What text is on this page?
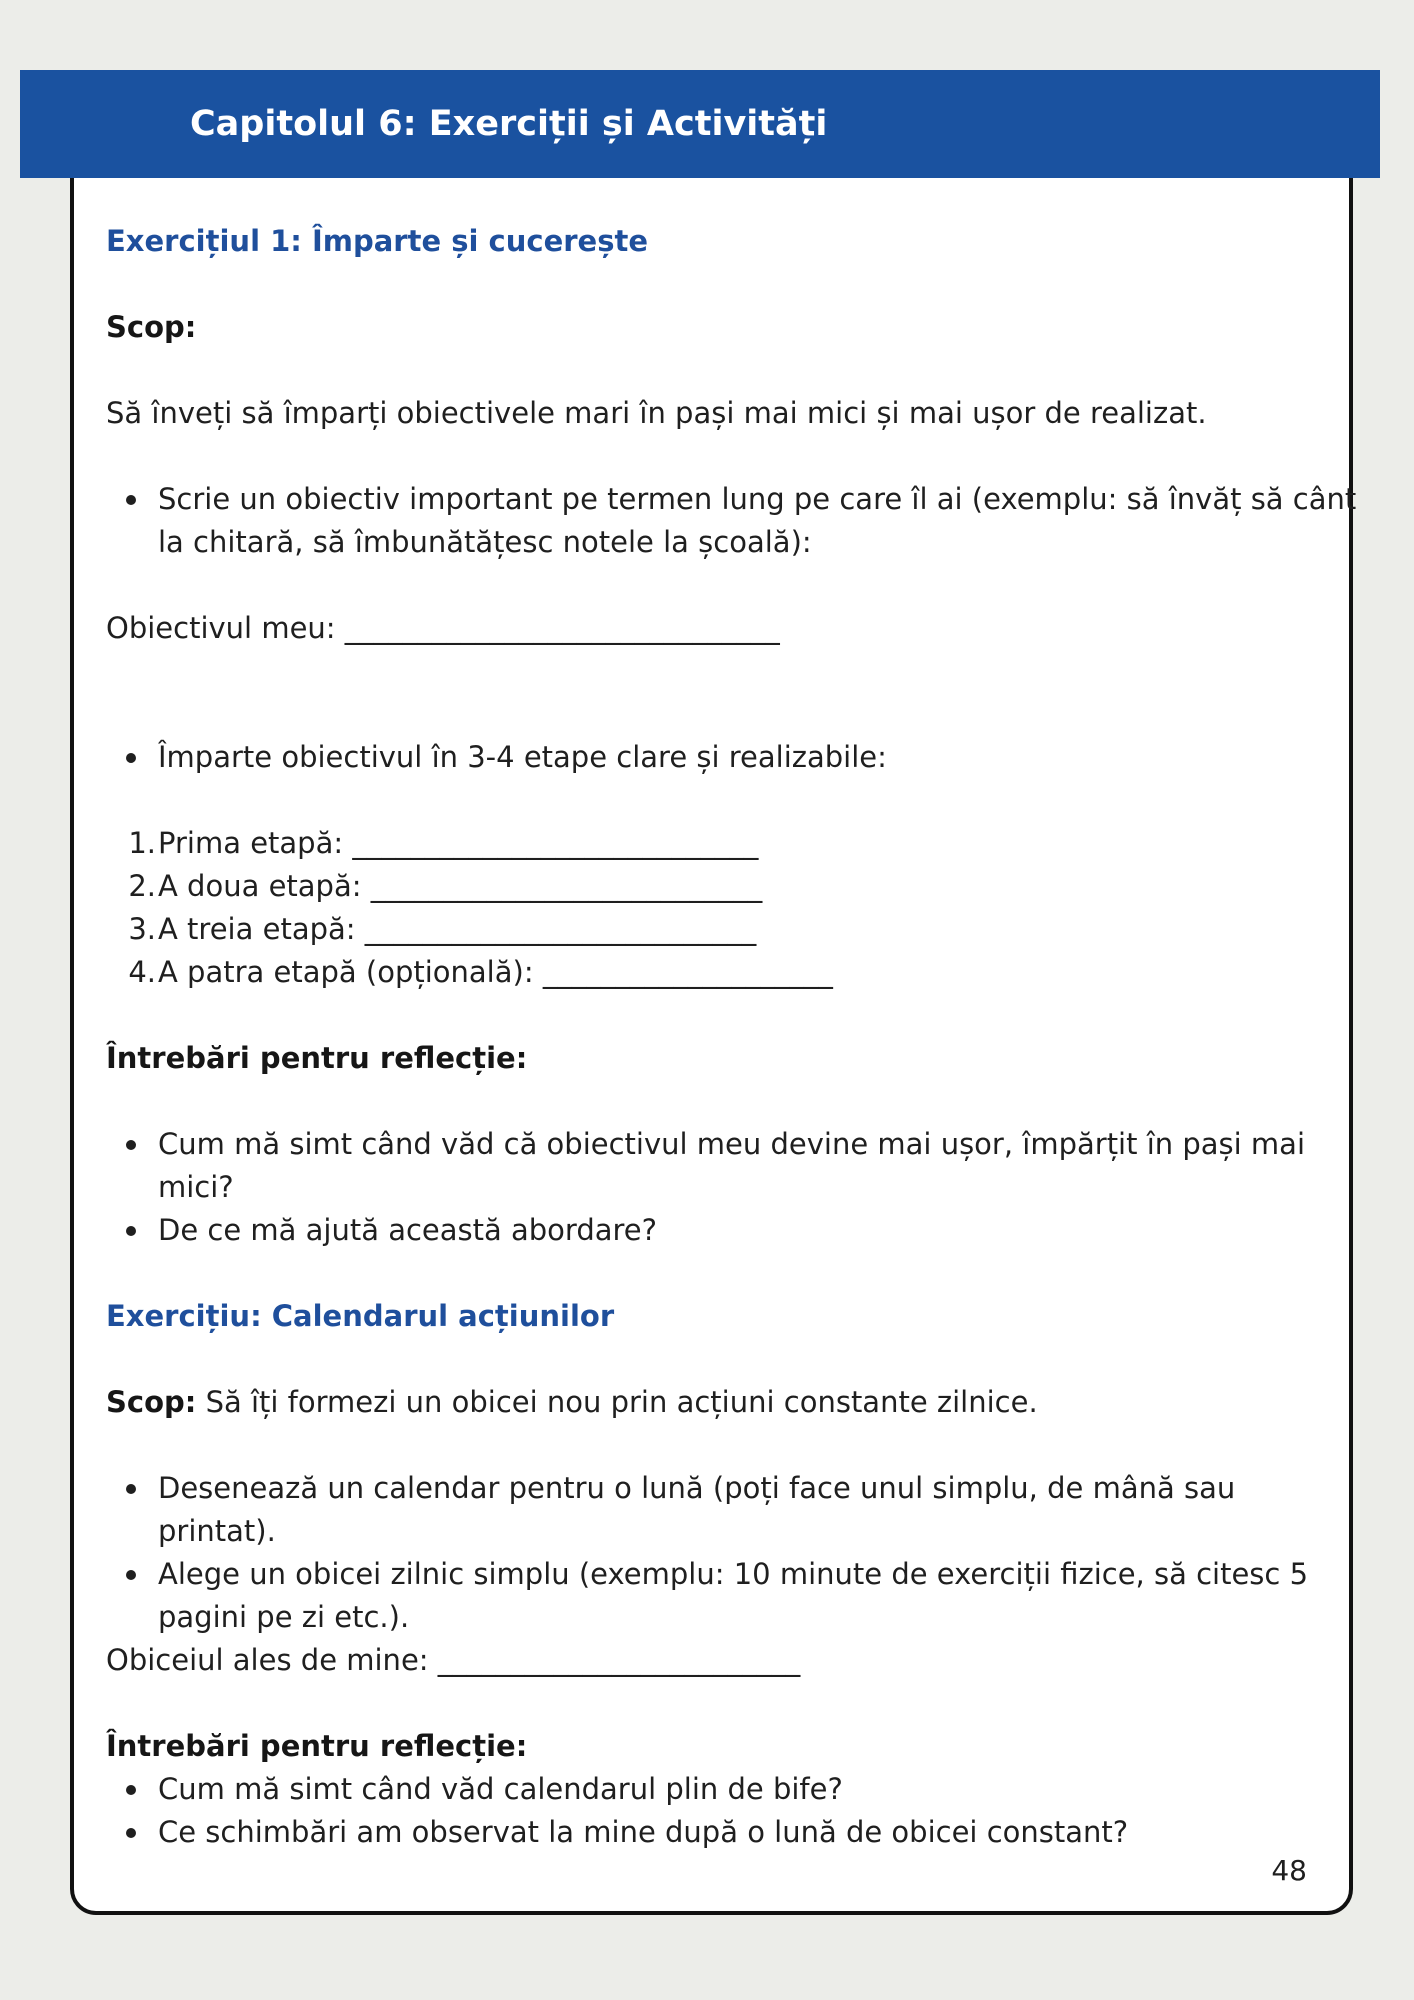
48
Capitolul 6: Exerciții și Activități

Exercițiul 1: Împarte și cucerește

Scop:

Să înveți să împarți obiectivele mari în pași mai mici și mai ușor de realizat.

Scrie un obiectiv important pe termen lung pe care îl ai (exemplu: să învăț să cânt la chitară, să îmbunătățesc notele la școală):

Obiectivul meu: ______________________________

Împarte obiectivul în 3-4 etape clare și realizabile:
1. Prima etapă: ____________________________
2. A doua etapă: ___________________________
3. A treia etapă: ___________________________
4. A patra etapă (opțională): ____________________

Întrebări pentru reflecție:

Cum mă simt când văd că obiectivul meu devine mai ușor, împărțit în pași mai mici?
De ce mă ajută această abordare?

Exercițiu: Calendarul acțiunilor

Scop: Să îți formezi un obicei nou prin acțiuni constante zilnice.

Desenează un calendar pentru o lună (poți face unul simplu, de mână sau printat).
Alege un obicei zilnic simplu (exemplu: 10 minute de exerciții fizice, să citesc 5 pagini pe zi etc.).

Obiceiul ales de mine: _________________________

Întrebări pentru reflecție:

Cum mă simt când văd calendarul plin de bife?
Ce schimbări am observat la mine după o lună de obicei constant?
